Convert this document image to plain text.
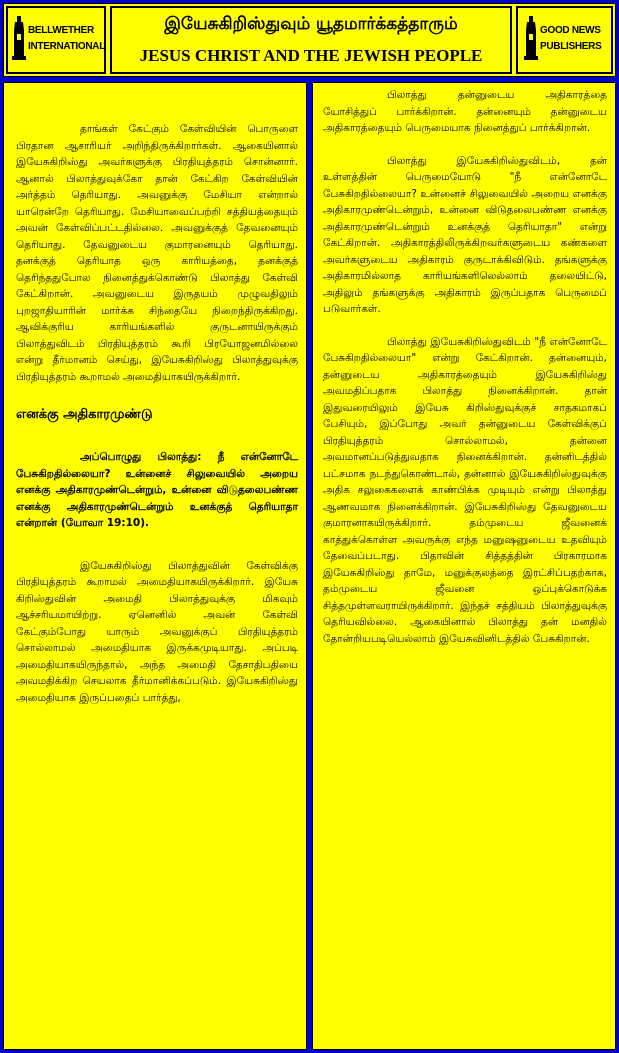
BELLWETHER
INTERNATIONAL
இயேசுகிறிஸ்துவும் யூதமார்க்கத்தாரும்
JESUS CHRIST AND THE JEWISH PEOPLE
GOOD NEWS
PUBLISHERS

தாங்கள் கேட்கும் கேள்வியின் பொருளை பிரதான ஆசாரியர் அறிந்திருக்கிறார்கள். ஆகையினால் இயேசுகிறிஸ்து அவர்களுக்கு பிரதியுத்தரம் சொன்னார். ஆனால் பிலாத்துவுக்கோ தான் கேட்கிற கேள்வியின் அர்த்தம் தெரியாது. அவனுக்கு மேசியா என்றால் யாரென்றே தெரியாது. மேசியாவைப்பற்றி சத்தியத்தையும் அவன் கேள்விப்பட்டதில்லை. அவனுக்குத் தேவனையும் தெரியாது. தேவனுடைய குமாரனையும் தெரியாது. தனக்குத் தெரியாத ஒரு காரியத்தை, தனக்குத் தெரிந்ததுபோல நினைத்துக்கொண்டு பிலாத்து கேள்வி கேட்கிறான். அவனுடைய இருதயம் முழுவதிலும் புறஜாதியாரின் மார்க்க சிந்தையே நிறைந்திருக்கிறது. ஆவிக்குரிய காரியங்களில் குருடனாயிருக்கும் பிலாத்துவிடம் பிரதியுத்தரம் கூறி பிரயோஜனமில்லை என்று தீர்மானம் செய்து, இயேசுகிறிஸ்து பிலாத்துவுக்கு பிரதியுத்தரம் கூறாமல் அமைதியாகயிருக்கிறார்.

எனக்கு அதிகாரமுண்டு

அப்பொழுது பிலாத்து: நீ என்னோடே பேசுகிறதில்லையா? உன்னைச் சிலுவையில் அறைய எனக்கு அதிகாரமுண்டென்றும், உன்னை விடுதலைபண்ண எனக்கு அதிகாரமுண்டென்றும் உனக்குத் தெரியாதா என்றான் (யோவா 19:10).

இயேசுகிறிஸ்து பிலாத்துவின் கேள்விக்கு பிரதியுத்தரம் கூறாமல் அமைதியாகயிருக்கிறார். இயேசு கிறிஸ்துவின் அமைதி பிலாத்துவுக்கு மிகவும் ஆச்சரியமாயிற்று. ஏனெனில் அவன் கேள்வி கேட்கும்போது யாரும் அவனுக்குப் பிரதியுத்தரம் சொல்லாமல் அமைதியாக இருக்கமுடியாது. அப்படி அமைதியாகயிருந்தால், அந்த அமைதி தேசாதிபதியை அவமதிக்கிற செயலாக தீர்மானிக்கப்படும். இயேசுகிறிஸ்து அமைதியாக இருப்பதைப் பார்த்து,

பிலாத்து தன்னுடைய அதிகாரத்தை யோசித்துப் பார்க்கிறான். தன்னையும் தன்னுடைய அதிகாரத்தையும் பெருமையாக நினைத்துப் பார்க்கிறான்.

பிலாத்து இயேசுகிறிஸ்துவிடம், தன் உள்ளத்தின் பெருமையோடு "நீ என்னோடே பேசுகிறதில்லையா? உன்னைச் சிலுவையில் அறைய எனக்கு அதிகாரமுண்டென்றும், உன்னை விடுதலைபண்ண எனக்கு அதிகாரமுண்டென்றும் உனக்குத் தெரியாதா" என்று கேட்கிறான். அதிகாரத்திலிருக்கிறவர்களுடைய கண்களை அவர்களுடைய அதிகாரம் குருடாக்கிவிடும். தங்களுக்கு அதிகாரமில்லாத காரியங்களிலெல்லாம் தலையிட்டு, அதிலும் தங்களுக்கு அதிகாரம் இருப்பதாக பெருமைப் படுவார்கள்.

பிலாத்து இயேசுகிறிஸ்துவிடம் "நீ என்னோடே பேசுகிறதில்லையா" என்று கேட்கிறான். தன்னையும், தன்னுடைய அதிகாரத்தையும் இயேசுகிறிஸ்து அவமதிப்பதாக பிலாத்து நினைக்கிறான். தான் இதுவரையிலும் இயேசு கிறிஸ்துவுக்குச் சாதகமாகப் பேசியும், இப்போது அவர் தன்னுடைய கேள்விக்குப் பிரதியுத்தரம் சொல்லாமல், தன்னை அவமானப்படுத்துவதாக நினைக்கிறான். தன்னிடத்தில் பட்சமாக நடந்துகொண்டால், தன்னால் இயேசுகிறிஸ்துவுக்கு அதிக சலுகைகளைக் காண்பிக்க முடியும் என்று பிலாத்து ஆணவமாக நினைக்கிறான். இயேசுகிறிஸ்து தேவனுடைய குமாரனாகயிருக்கிறார். தம்முடைய ஜீவனைக் காத்துக்கொள்ள அவருக்கு எந்த மனுஷனுடைய உதவியும் தேவைப்படாது. பிதாவின் சித்தத்தின் பிரகாரமாக இயேசுகிறிஸ்து தாமே, மனுக்குலத்தை இரட்சிப்பதற்காக, தம்முடைய ஜீவனை ஒப்புக்கொடுக்க சித்தமுள்ளவராயிருக்கிறார். இந்தச் சத்தியம் பிலாத்துவுக்கு தெரியவில்லை. ஆகையினால் பிலாத்து தன் மனதில் தோன்றியபடியெல்லாம் இயேசுவினிடத்தில் பேசுகிறான்.
